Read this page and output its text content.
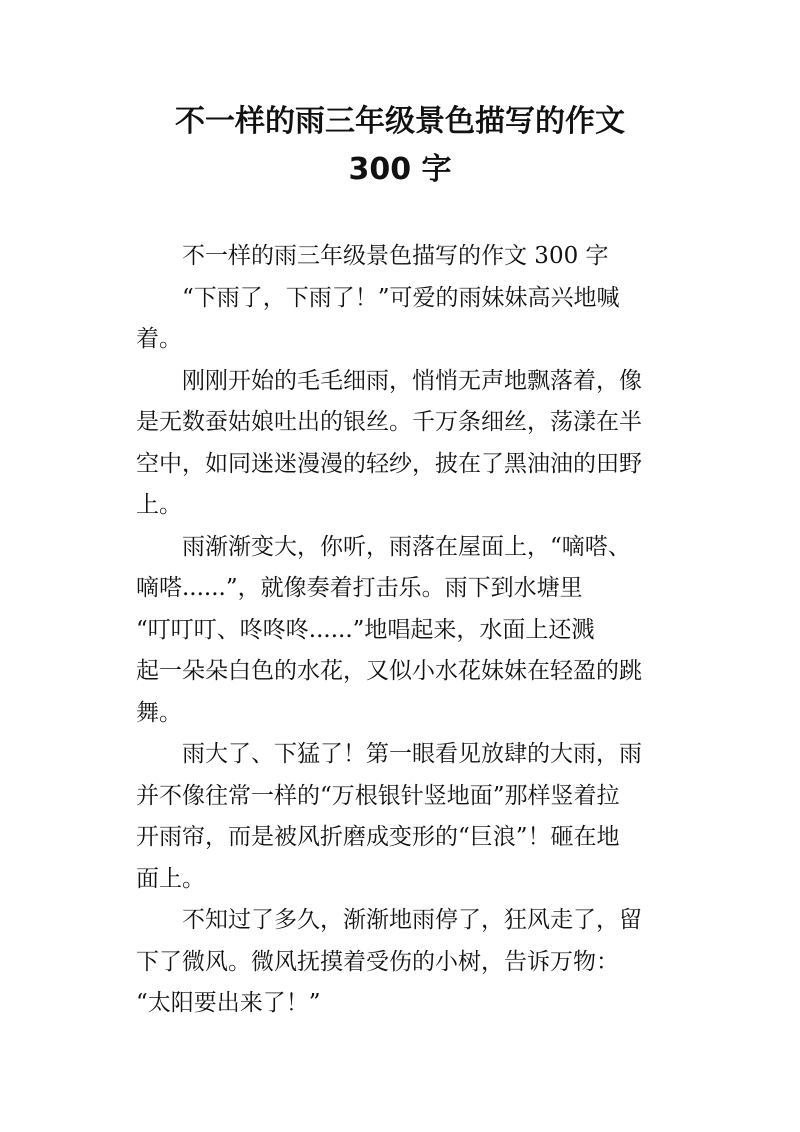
不一样的雨三年级景色描写的作文
300 字
不一样的雨三年级景色描写的作文 300 字
“下雨了，下雨了！”可爱的雨妹妹高兴地喊
着。
刚刚开始的毛毛细雨，悄悄无声地飘落着，像
是无数蚕姑娘吐出的银丝。千万条细丝，荡漾在半
空中，如同迷迷漫漫的轻纱，披在了黑油油的田野
上。
雨渐渐变大，你听，雨落在屋面上，“嘀嗒、
嘀嗒......”，就像奏着打击乐。雨下到水塘里
“叮叮叮、咚咚咚......”地唱起来，水面上还溅
起一朵朵白色的水花，又似小水花妹妹在轻盈的跳
舞。
雨大了、下猛了！第一眼看见放肆的大雨，雨
并不像往常一样的“万根银针竖地面”那样竖着拉
开雨帘，而是被风折磨成变形的“巨浪”！砸在地
面上。
不知过了多久，渐渐地雨停了，狂风走了，留
下了微风。微风抚摸着受伤的小树，告诉万物：
“太阳要出来了！”
